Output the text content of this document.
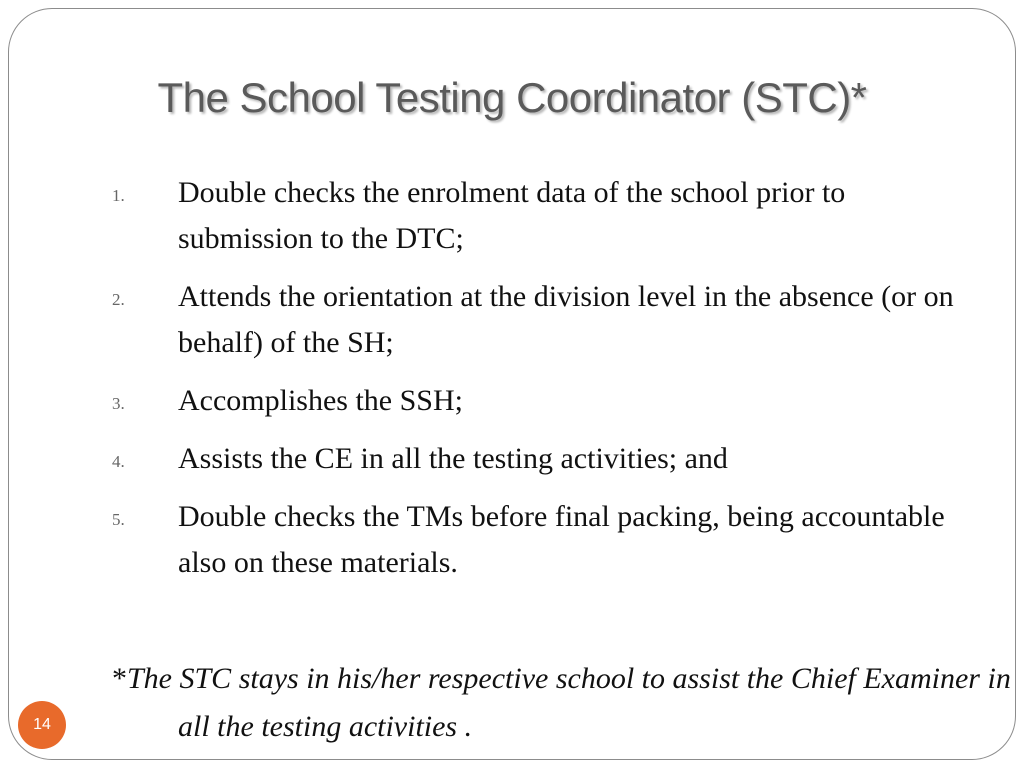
The School Testing Coordinator (STC)*
1. Double checks the enrolment data of the school prior to submission to the DTC;
2. Attends the orientation at the division level in the absence (or on behalf) of the SH;
3. Accomplishes the SSH;
4. Assists the CE in all the testing activities; and
5. Double checks the TMs before final packing, being accountable also on these materials.

*The STC stays in his/her respective school to assist the Chief Examiner in all the testing activities .

14
